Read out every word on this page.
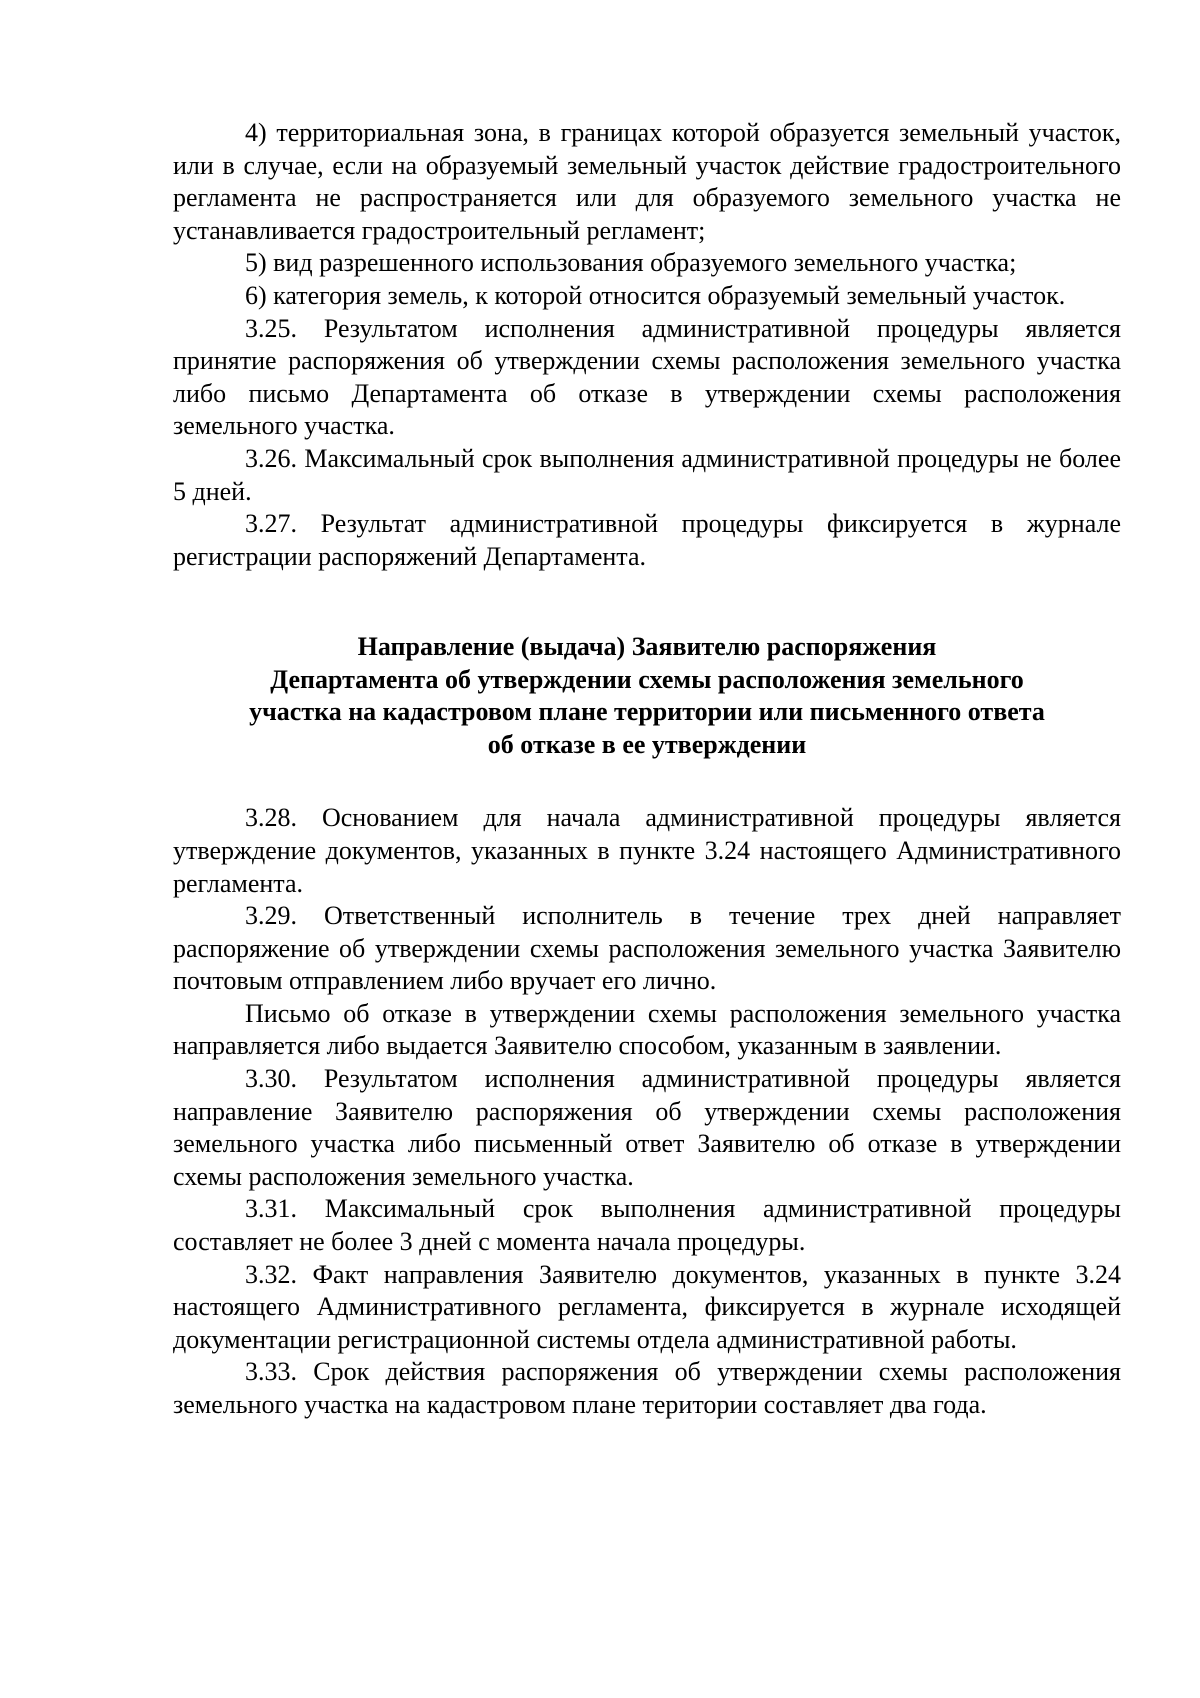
4) территориальная зона, в границах которой образуется земельный участок, или в случае, если на образуемый земельный участок действие градостроительного регламента не распространяется или для образуемого земельного участка не устанавливается градостроительный регламент;

5) вид разрешенного использования образуемого земельного участка;

6) категория земель, к которой относится образуемый земельный участок.

3.25. Результатом исполнения административной процедуры является принятие распоряжения об утверждении схемы расположения земельного участка либо письмо Департамента об отказе в утверждении схемы расположения земельного участка.

3.26. Максимальный срок выполнения административной процедуры не более 5 дней.

3.27. Результат административной процедуры фиксируется в журнале регистрации распоряжений Департамента.

Направление (выдача) Заявителю распоряжения
Департамента об утверждении схемы расположения земельного
участка на кадастровом плане территории или письменного ответа
об отказе в ее утверждении

3.28. Основанием для начала административной процедуры является утверждение документов, указанных в пункте 3.24 настоящего Административного регламента.

3.29. Ответственный исполнитель в течение трех дней направляет распоряжение об утверждении схемы расположения земельного участка Заявителю почтовым отправлением либо вручает его лично.

Письмо об отказе в утверждении схемы расположения земельного участка направляется либо выдается Заявителю способом, указанным в заявлении.

3.30. Результатом исполнения административной процедуры является направление Заявителю распоряжения об утверждении схемы расположения земельного участка либо письменный ответ Заявителю об отказе в утверждении схемы расположения земельного участка.

3.31. Максимальный срок выполнения административной процедуры составляет не более 3 дней с момента начала процедуры.

3.32. Факт направления Заявителю документов, указанных в пункте 3.24 настоящего Административного регламента, фиксируется в журнале исходящей документации регистрационной системы отдела административной работы.

3.33. Срок действия распоряжения об утверждении схемы расположения земельного участка на кадастровом плане територии составляет два года.
